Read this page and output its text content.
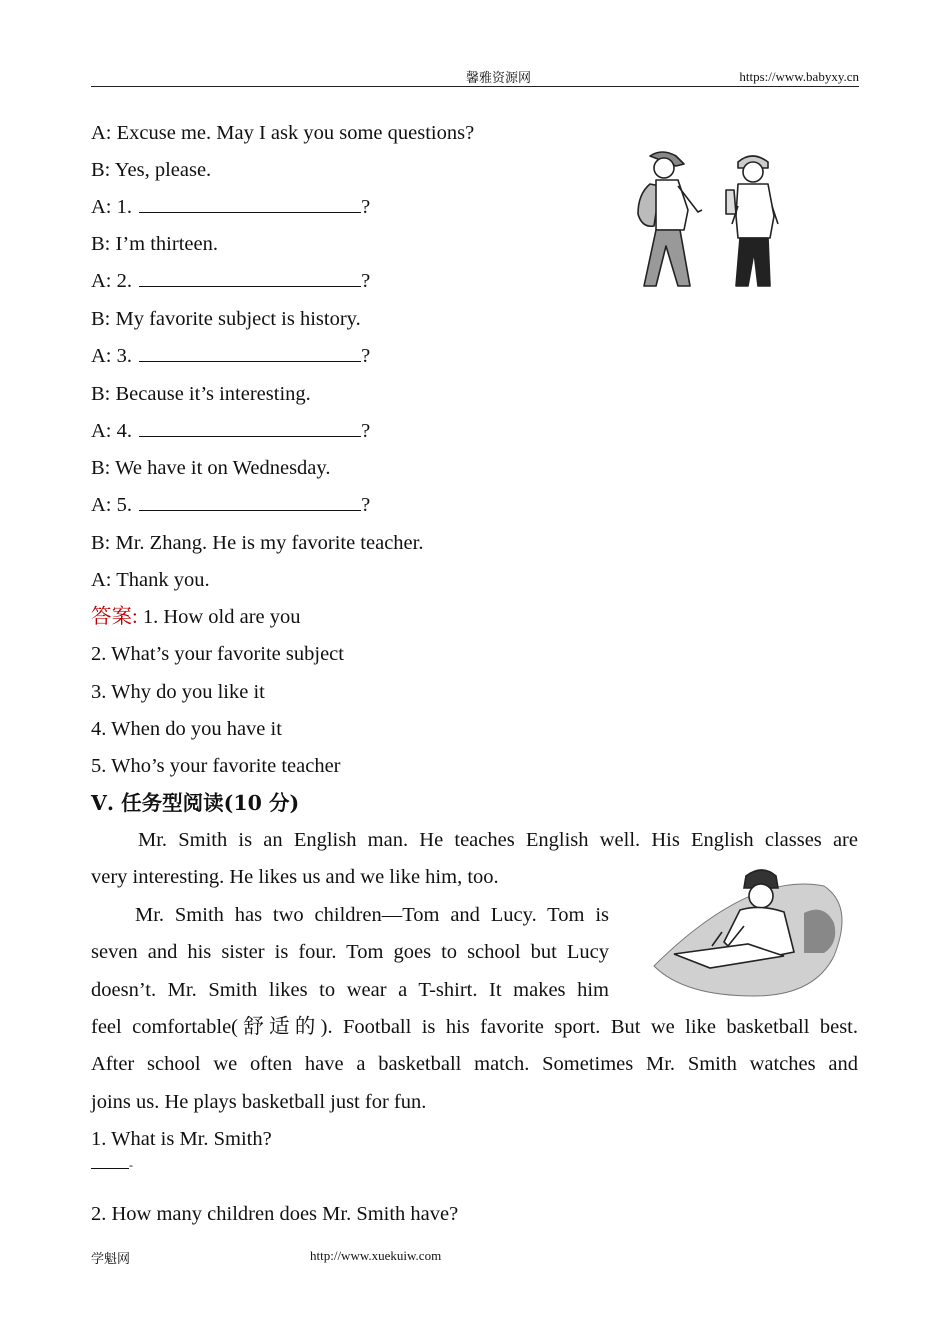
馨雅资源网	https://www.babyxy.cn
A: Excuse me. May I ask you some questions?
B: Yes, please.
A: 1.	?
B: I’m thirteen.
A: 2.	?
B: My favorite subject is history.
A: 3.	?
B: Because it’s interesting.
A: 4.	?
B: We have it on Wednesday.
A: 5.	?
B: Mr. Zhang. He is my favorite teacher.
A: Thank you.
答案: 1. How old are you
2. What’s your favorite subject
3. Why do you like it
4. When do you have it
5. Who’s your favorite teacher
Ⅴ. 任务型阅读(10 分)
Mr. Smith is an English man. He teaches English well. His English classes are
very interesting. He likes us and we like him, too.
Mr. Smith has two children—Tom and Lucy. Tom is
seven and his sister is four. Tom goes to school but Lucy
doesn’t. Mr. Smith likes to wear a T-shirt. It makes him
feel comfortable(舒适的). Football is his favorite sport. But we like basketball best.
After school we often have a basketball match. Sometimes Mr. Smith watches and
joins us. He plays basketball just for fun.
1. What is Mr. Smith?
-
2. How many children does Mr. Smith have?
学魁网	http://www.xuekuiw.com
